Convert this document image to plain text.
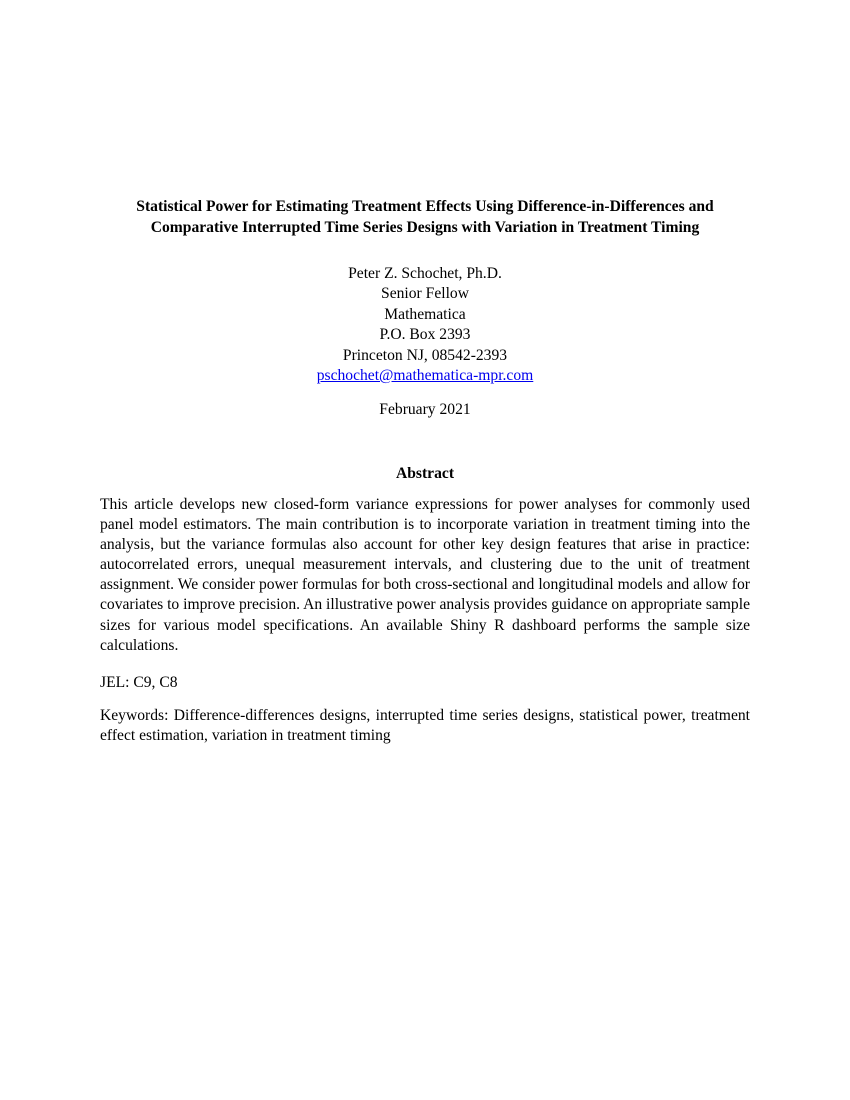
Statistical Power for Estimating Treatment Effects Using Difference-in-Differences and
Comparative Interrupted Time Series Designs with Variation in Treatment Timing
Peter Z. Schochet, Ph.D.
Senior Fellow
Mathematica
P.O. Box 2393
Princeton NJ, 08542-2393
pschochet@mathematica-mpr.com
February 2021
Abstract

This article develops new closed-form variance expressions for power analyses for commonly used panel model estimators. The main contribution is to incorporate variation in treatment timing into the analysis, but the variance formulas also account for other key design features that arise in practice: autocorrelated errors, unequal measurement intervals, and clustering due to the unit of treatment assignment. We consider power formulas for both cross-sectional and longitudinal models and allow for covariates to improve precision. An illustrative power analysis provides guidance on appropriate sample sizes for various model specifications. An available Shiny R dashboard performs the sample size calculations.

JEL: C9, C8

Keywords: Difference-differences designs, interrupted time series designs, statistical power, treatment effect estimation, variation in treatment timing
